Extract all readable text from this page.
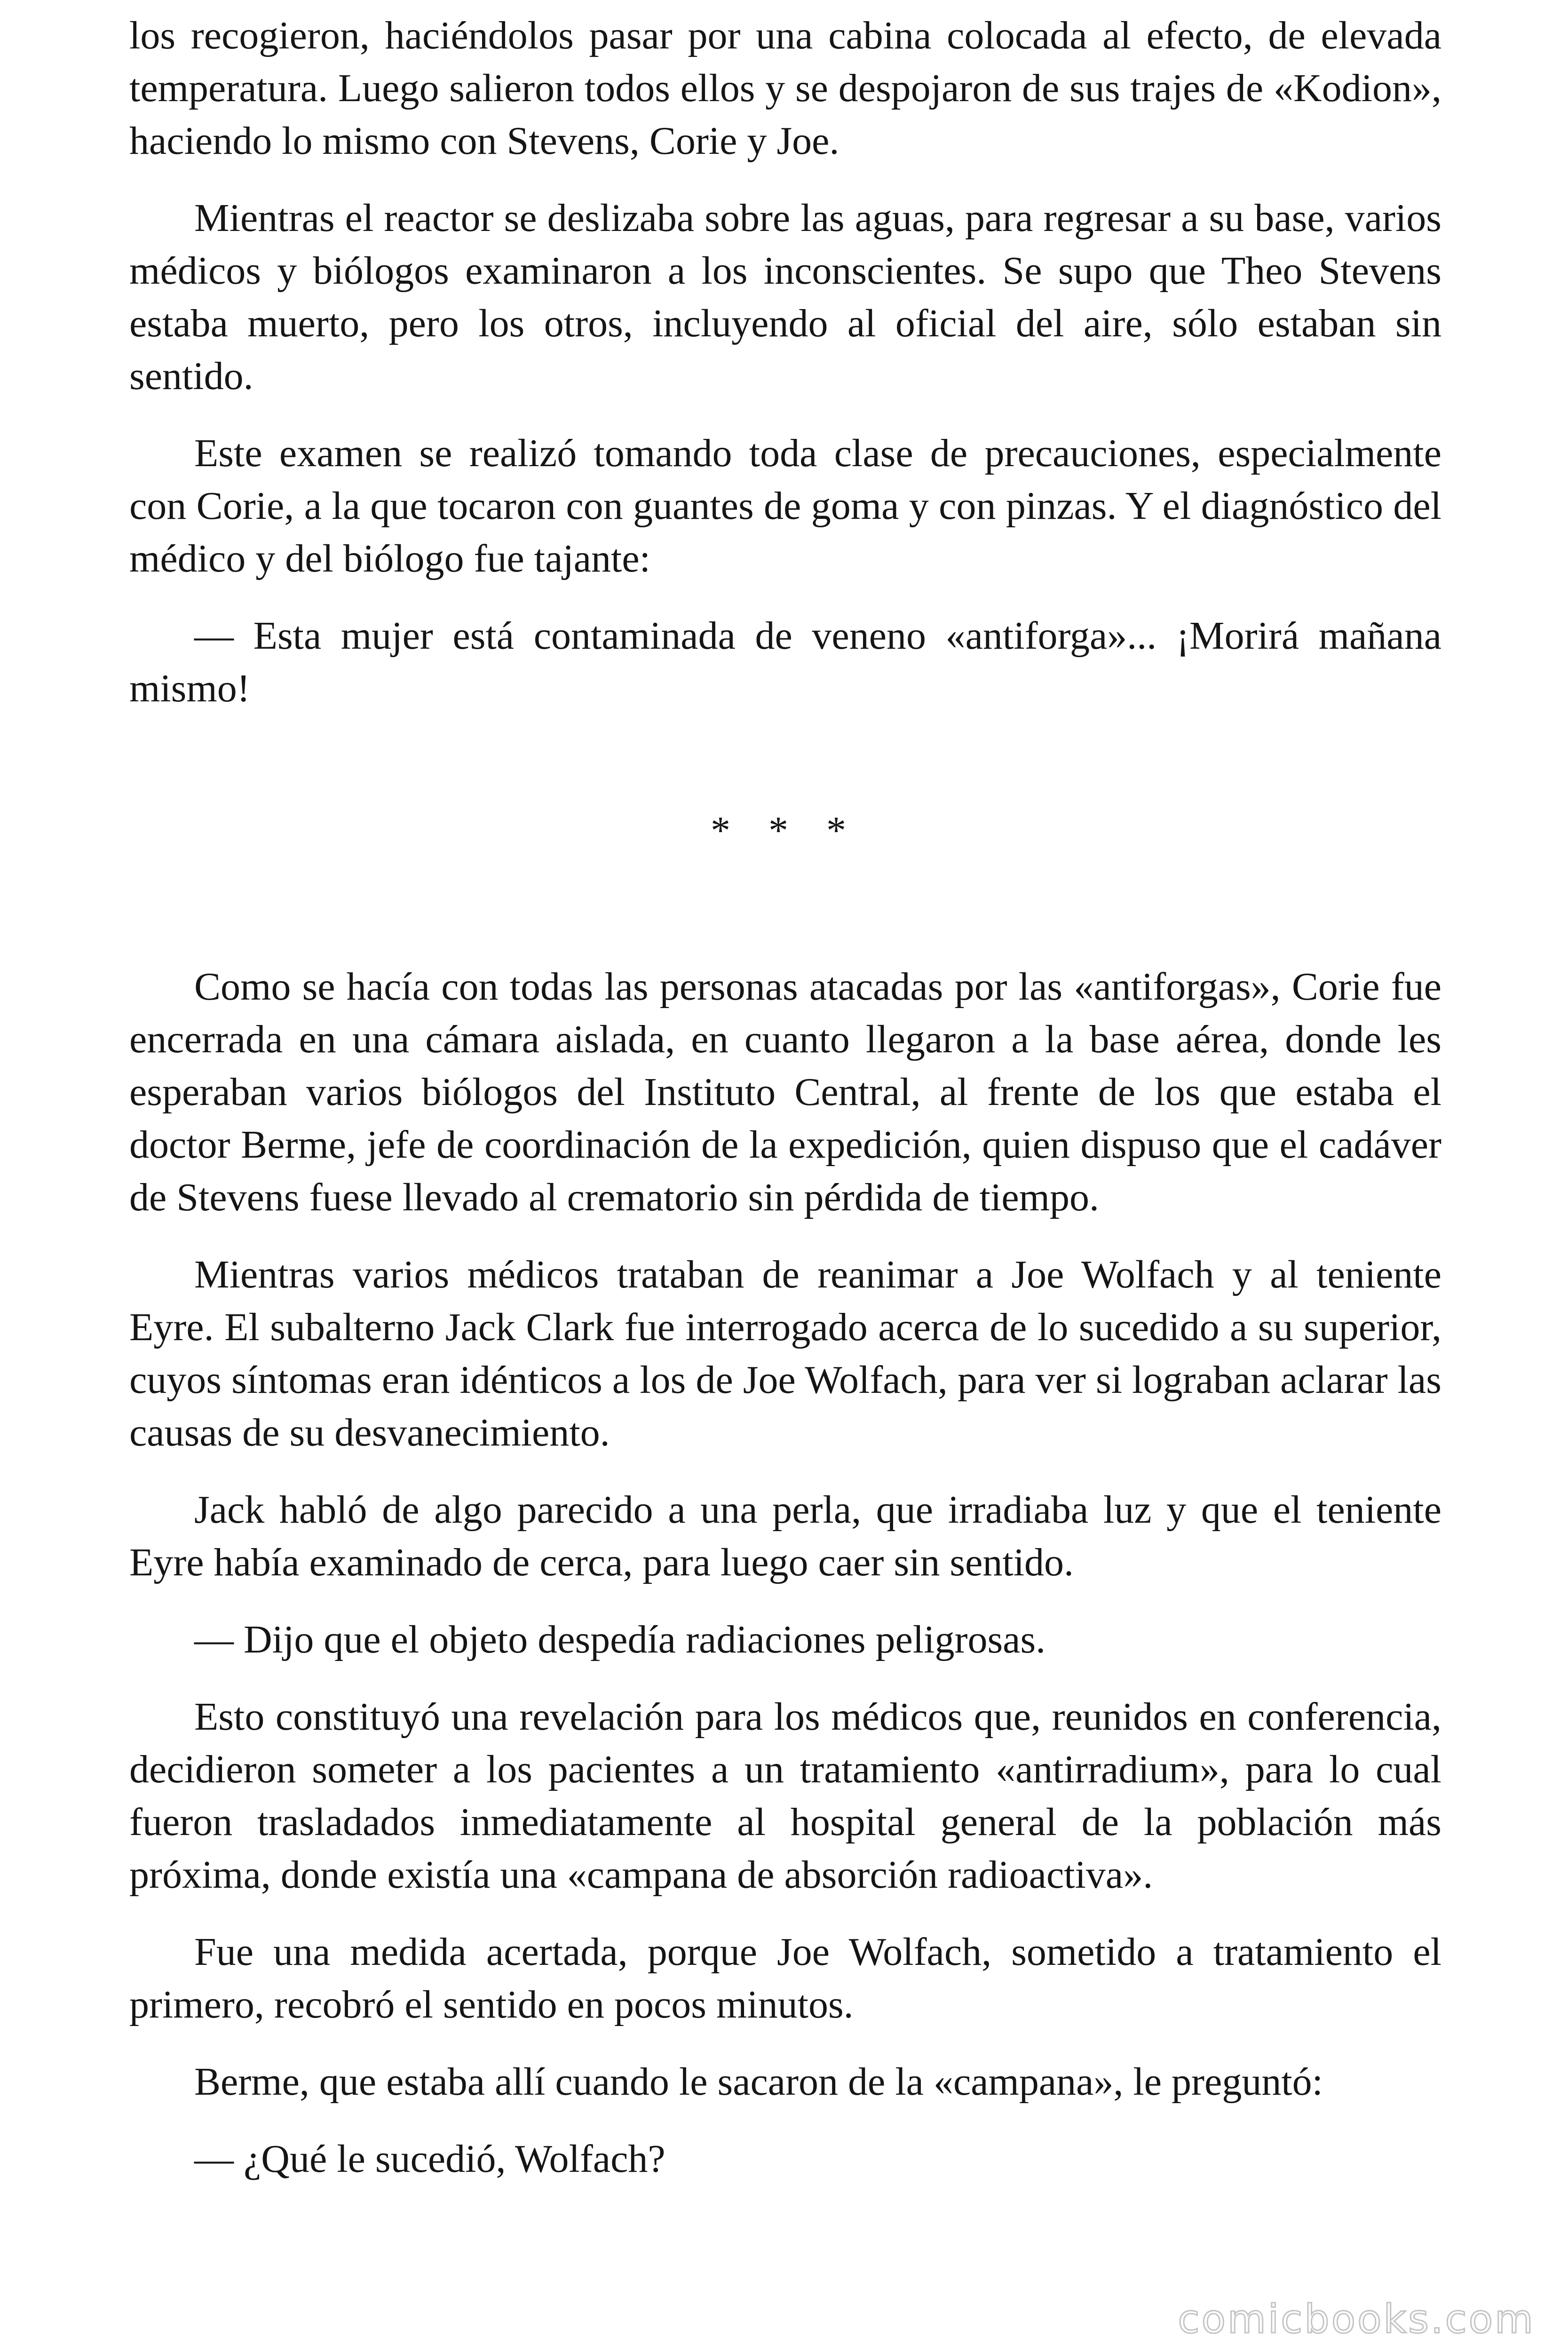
los recogieron, haciéndolos pasar por una cabina colocada al efecto, de elevada temperatura. Luego salieron todos ellos y se despojaron de sus trajes de «Kodion», haciendo lo mismo con Stevens, Corie y Joe.

Mientras el reactor se deslizaba sobre las aguas, para regresar a su base, varios médicos y biólogos examinaron a los inconscientes. Se supo que Theo Stevens estaba muerto, pero los otros, incluyendo al oficial del aire, sólo estaban sin sentido.

Este examen se realizó tomando toda clase de precauciones, especialmente con Corie, a la que tocaron con guantes de goma y con pinzas. Y el diagnóstico del médico y del biólogo fue tajante:

— Esta mujer está contaminada de veneno «antiforga»... ¡Morirá mañana mismo!

* * *

Como se hacía con todas las personas atacadas por las «antiforgas», Corie fue encerrada en una cámara aislada, en cuanto llegaron a la base aérea, donde les esperaban varios biólogos del Instituto Central, al frente de los que estaba el doctor Berme, jefe de coordinación de la expedición, quien dispuso que el cadáver de Stevens fuese llevado al crematorio sin pérdida de tiempo.

Mientras varios médicos trataban de reanimar a Joe Wolfach y al teniente Eyre. El subalterno Jack Clark fue interrogado acerca de lo sucedido a su superior, cuyos síntomas eran idénticos a los de Joe Wolfach, para ver si lograban aclarar las causas de su desvanecimiento.

Jack habló de algo parecido a una perla, que irradiaba luz y que el teniente Eyre había examinado de cerca, para luego caer sin sentido.

— Dijo que el objeto despedía radiaciones peligrosas.

Esto constituyó una revelación para los médicos que, reunidos en conferencia, decidieron someter a los pacientes a un tratamiento «antirradium», para lo cual fueron trasladados inmediatamente al hospital general de la población más próxima, donde existía una «campana de absorción radioactiva».

Fue una medida acertada, porque Joe Wolfach, sometido a tratamiento el primero, recobró el sentido en pocos minutos.

Berme, que estaba allí cuando le sacaron de la «campana», le preguntó:

— ¿Qué le sucedió, Wolfach?

comicbooks.com
